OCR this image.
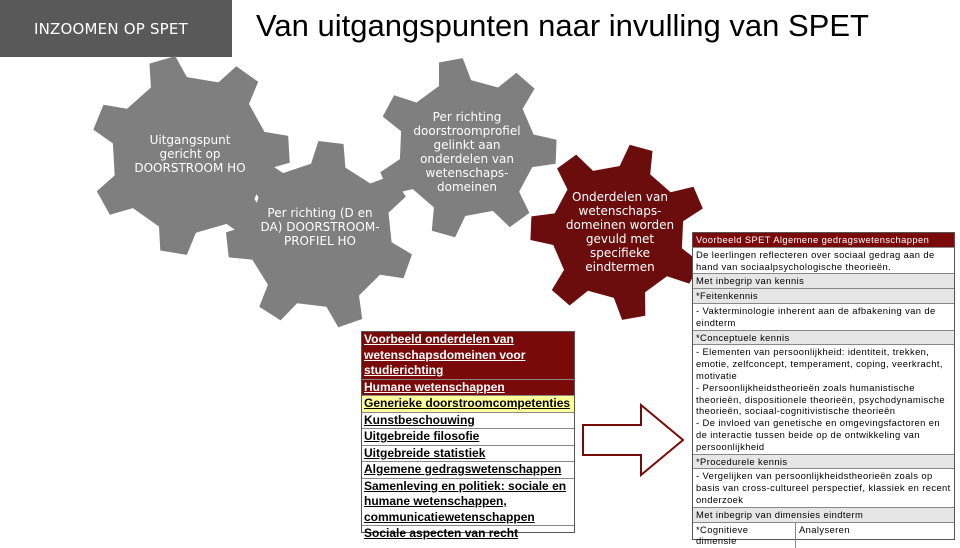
INZOOMEN OP SPET	Van uitgangspunten naar invulling van SPET
Uitgangspunt gericht op DOORSTROOM HO
Per richting (D en DA) DOORSTROOM-PROFIEL HO
Per richting doorstroomprofiel gelinkt aan onderdelen van wetenschaps-domeinen
Onderdelen van wetenschaps-domeinen worden gevuld met specifieke eindtermen
Voorbeeld onderdelen van wetenschapsdomeinen voor studierichting
Humane wetenschappen
Generieke doorstroomcompetenties
Kunstbeschouwing
Uitgebreide filosofie
Uitgebreide statistiek
Algemene gedragswetenschappen
Samenleving en politiek: sociale en humane wetenschappen, communicatiewetenschappen
Sociale aspecten van recht
Voorbeeld SPET Algemene gedragswetenschappen
De leerlingen reflecteren over sociaal gedrag aan de hand van sociaalpsychologische theorieën.
Met inbegrip van kennis
*Feitenkennis
- Vakterminologie inherent aan de afbakening van de eindterm
*Conceptuele kennis
- Elementen van persoonlijkheid: identiteit, trekken, emotie, zelfconcept, temperament, coping, veerkracht, motivatie
- Persoonlijkheidstheorieën zoals humanistische theorieën, dispositionele theorieën, psychodynamische theorieën, sociaal-cognitivistische theorieën
- De invloed van genetische en omgevingsfactoren en de interactie tussen beide op de ontwikkeling van persoonlijkheid
*Procedurele kennis
- Vergelijken van persoonlijkheidstheorieën zoals op basis van cross-cultureel perspectief, klassiek en recent onderzoek
Met inbegrip van dimensies eindterm
*Cognitieve dimensie
Analyseren
